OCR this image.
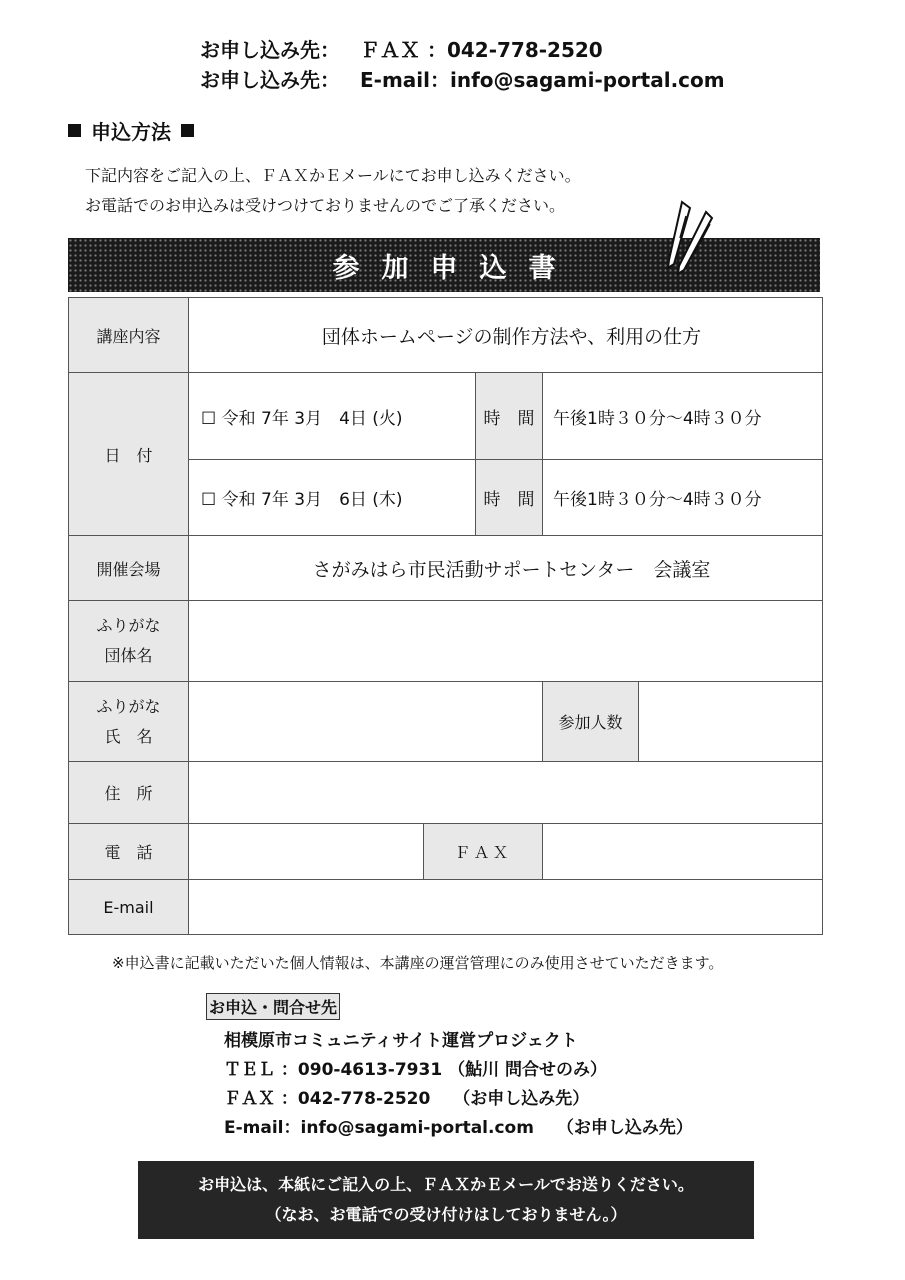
お申し込み先： ＦＡＸ ：042-778-2520
お申し込み先： E-mail：info@sagami-portal.com
申込方法
下記内容をご記入の上、ＦＡＸかＥメールにてお申し込みください。
お電話でのお申込みは受けつけておりませんのでご了承ください。
参加申込書
講座内容	団体ホームページの制作方法や、利用の仕方				
日　付	☐ 令和 7年 3月　4日 (火)		時　間	午後1時３０分～4時３０分	
	☐ 令和 7年 3月　6日 (木)		時　間	午後1時３０分～4時３０分	
開催会場	さがみはら市民活動サポートセンター　会議室				

ふりがな
団体名					

ふりがな
氏　名				参加人数	
住　所					
電　話		ＦＡＸ			
E-mail					
※申込書に記載いただいた個人情報は、本講座の運営管理にのみ使用させていただきます。
お申込・問合せ先
相模原市コミュニティサイト運営プロジェクト
ＴＥＬ ：090-4613-7931 （鮎川 問合せのみ）
ＦＡＸ ：042-778-2520　 （お申し込み先）
E-mail：info@sagami-portal.com　 （お申し込み先）
お申込は、本紙にご記入の上、ＦＡＸかＥメールでお送りください。
（なお、お電話での受け付けはしておりません。）
